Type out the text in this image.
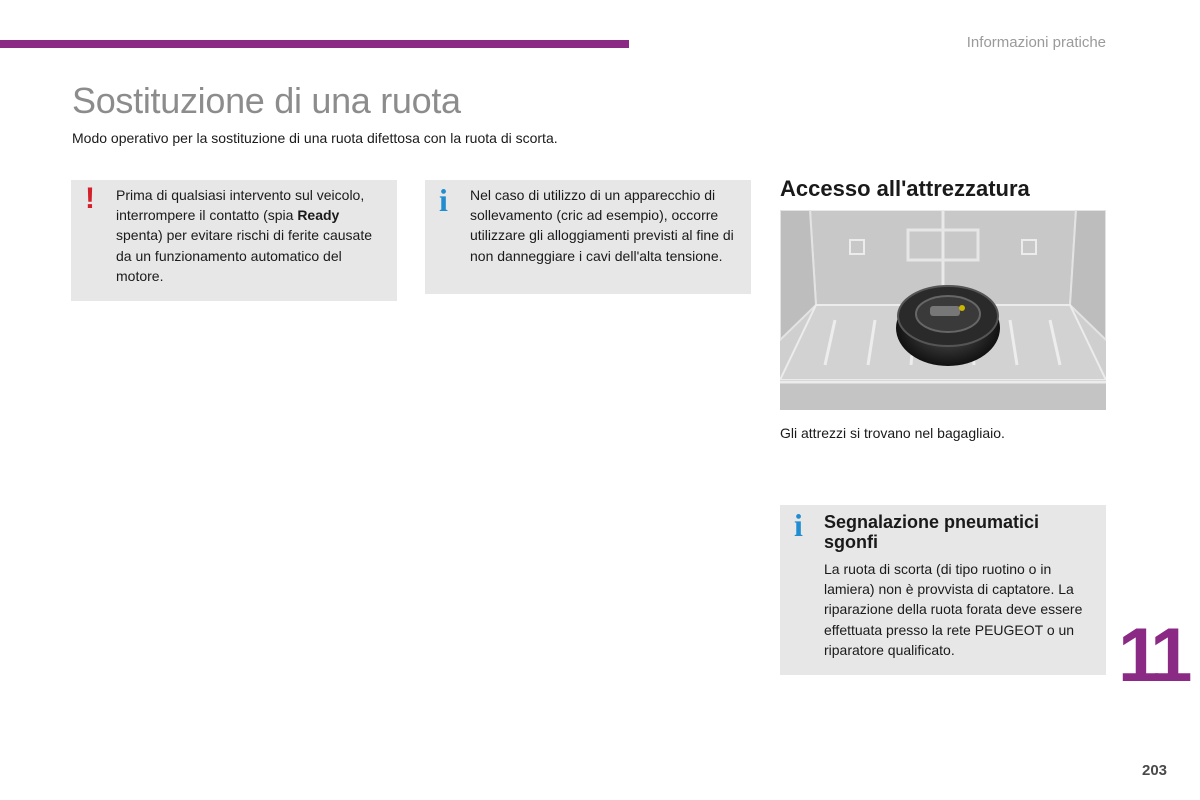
Informazioni pratiche
Sostituzione di una ruota

Modo operativo per la sostituzione di una ruota difettosa con la ruota di scorta.

! Prima di qualsiasi intervento sul veicolo, interrompere il contatto (spia Ready spenta) per evitare rischi di ferite causate da un funzionamento automatico del motore.

i Nel caso di utilizzo di un apparecchio di sollevamento (cric ad esempio), occorre utilizzare gli alloggiamenti previsti al fine di non danneggiare i cavi dell'alta tensione.

Accesso all'attrezzatura

Gli attrezzi si trovano nel bagagliaio.

i Segnalazione pneumatici sgonfi

La ruota di scorta (di tipo ruotino o in lamiera) non è provvista di captatore. La riparazione della ruota forata deve essere effettuata presso la rete PEUGEOT o un riparatore qualificato.	11
203
